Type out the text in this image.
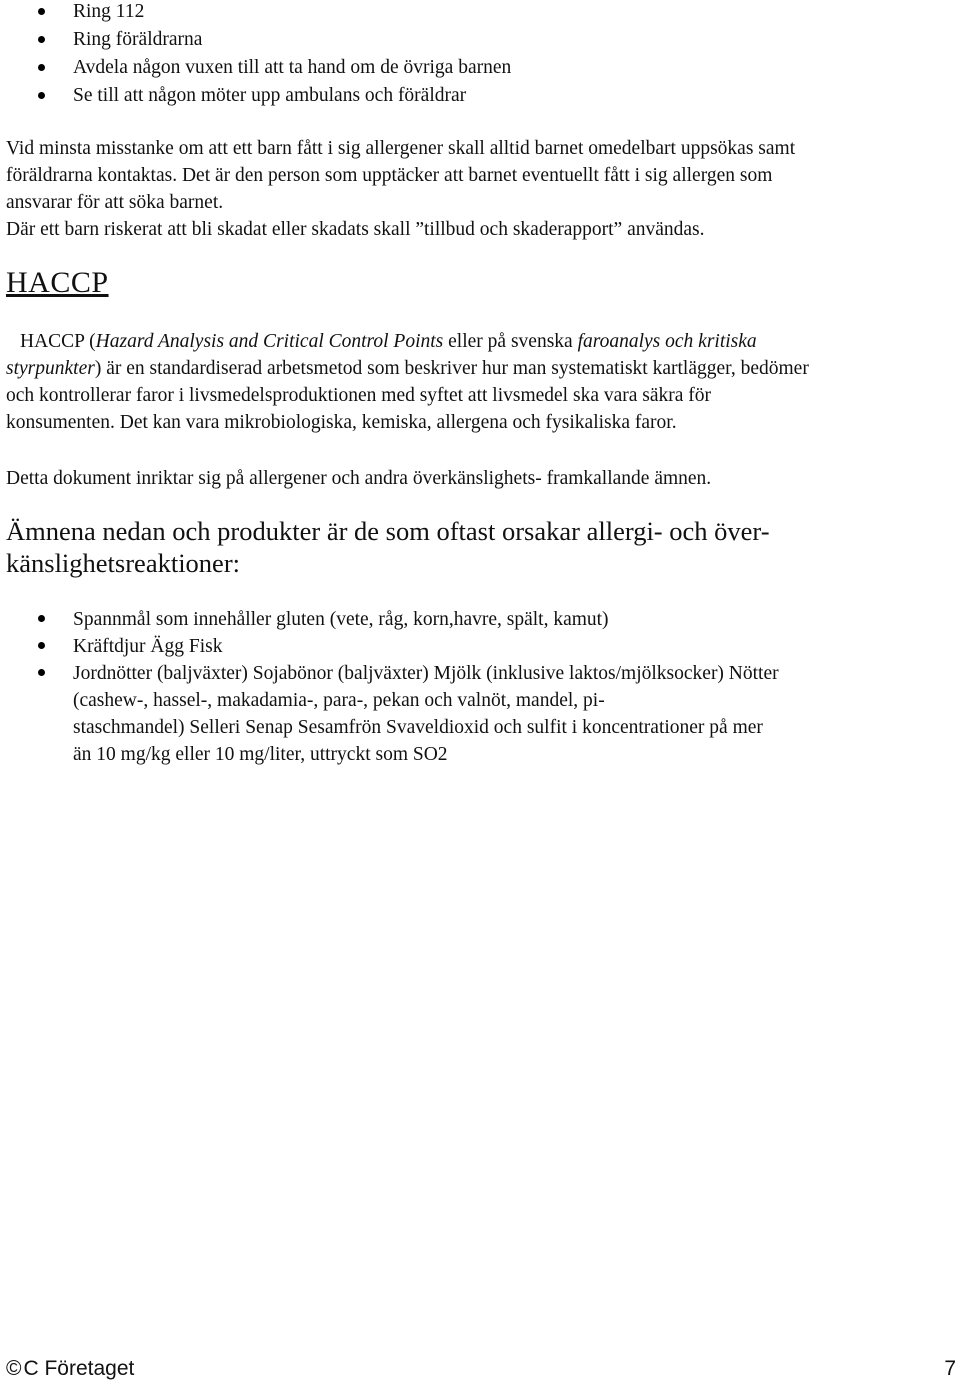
Ring 112
Ring föräldrarna
Avdela någon vuxen till att ta hand om de övriga barnen
Se till att någon möter upp ambulans och föräldrar

Vid minsta misstanke om att ett barn fått i sig allergener skall alltid barnet omedelbart uppsökas samt
föräldrarna kontaktas. Det är den person som upptäcker att barnet eventuellt fått i sig allergen som
ansvarar för att söka barnet.
Där ett barn riskerat att bli skadat eller skadats skall ”tillbud och skaderapport” användas.

HACCP

HACCP (Hazard Analysis and Critical Control Points eller på svenska faroanalys och kritiska
styrpunkter) är en standardiserad arbetsmetod som beskriver hur man systematiskt kartlägger, bedömer
och kontrollerar faror i livsmedelsproduktionen med syftet att livsmedel ska vara säkra för
konsumenten. Det kan vara mikrobiologiska, kemiska, allergena och fysikaliska faror.

Detta dokument inriktar sig på allergener och andra överkänslighets- framkallande ämnen.

Ämnena nedan och produkter är de som oftast orsakar allergi- och över-
känslighetsreaktioner:
Spannmål som innehåller gluten (vete, råg, korn,havre, spält, kamut)
Kräftdjur Ägg Fisk
Jordnötter (baljväxter) Sojabönor (baljväxter) Mjölk (inklusive laktos/mjölksocker) Nötter
(cashew-, hassel-, makadamia-, para-, pekan och valnöt, mandel, pi-
staschmandel) Selleri Senap Sesamfrön Svaveldioxid och sulfit i koncentrationer på mer
än 10 mg/kg eller 10 mg/liter, uttryckt som SO2
©C Företaget	7
